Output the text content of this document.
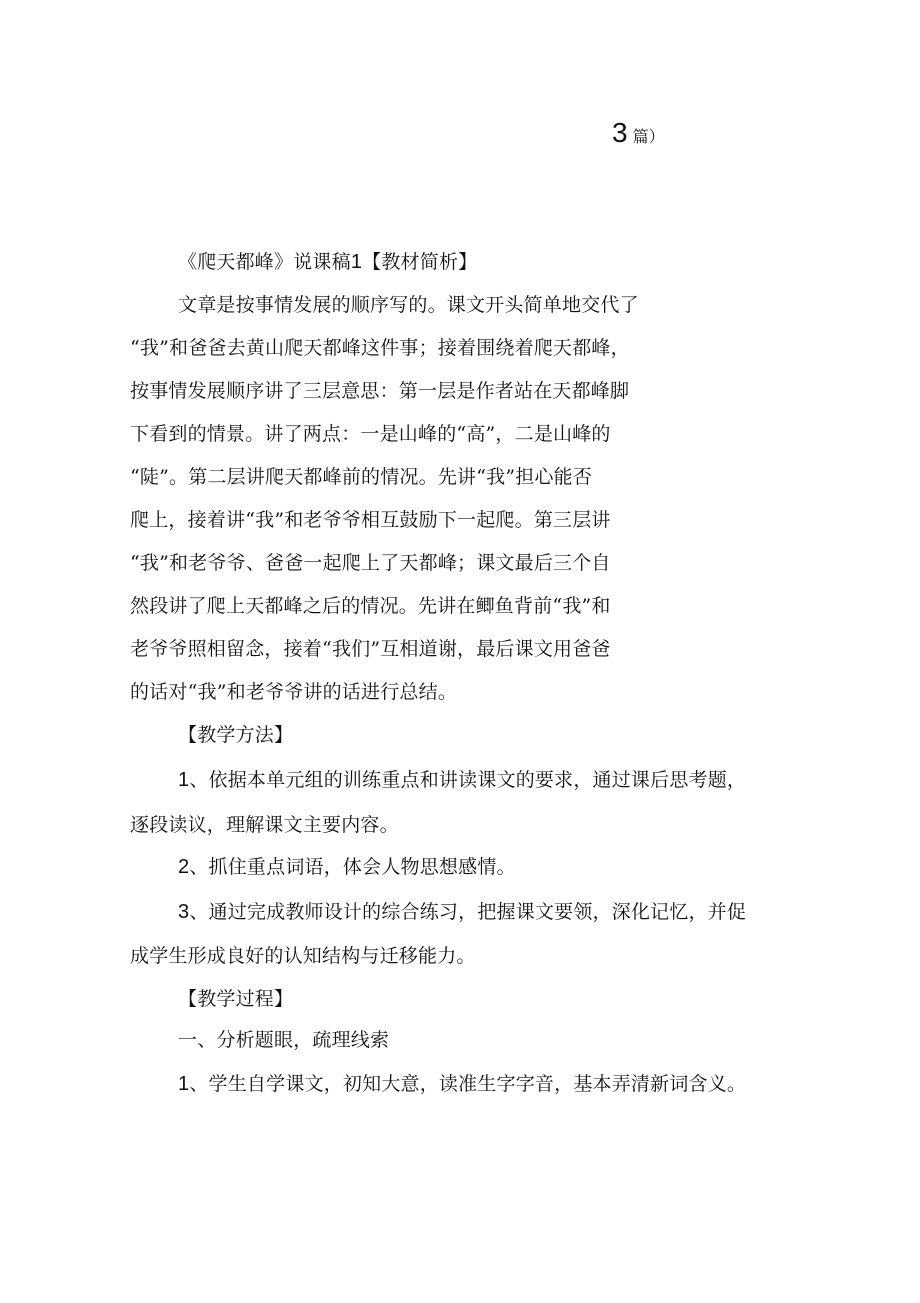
3 篇）
《爬天都峰》说课稿1【教材简析】
文章是按事情发展的顺序写的。课文开头简单地交代了
“我”和爸爸去黄山爬天都峰这件事；接着围绕着爬天都峰，
按事情发展顺序讲了三层意思：第一层是作者站在天都峰脚
下看到的情景。讲了两点：一是山峰的“高”，二是山峰的
“陡”。第二层讲爬天都峰前的情况。先讲“我”担心能否
爬上，接着讲“我”和老爷爷相互鼓励下一起爬。第三层讲
“我”和老爷爷、爸爸一起爬上了天都峰；课文最后三个自
然段讲了爬上天都峰之后的情况。先讲在鲫鱼背前“我”和
老爷爷照相留念，接着“我们”互相道谢，最后课文用爸爸
的话对“我”和老爷爷讲的话进行总结。
【教学方法】
1、依据本单元组的训练重点和讲读课文的要求，通过课后思考题，
逐段读议，理解课文主要内容。
2、抓住重点词语，体会人物思想感情。
3、通过完成教师设计的综合练习，把握课文要领，深化记忆，并促
成学生形成良好的认知结构与迁移能力。
【教学过程】
一、分析题眼，疏理线索
1、学生自学课文，初知大意，读准生字字音，基本弄清新词含义。
